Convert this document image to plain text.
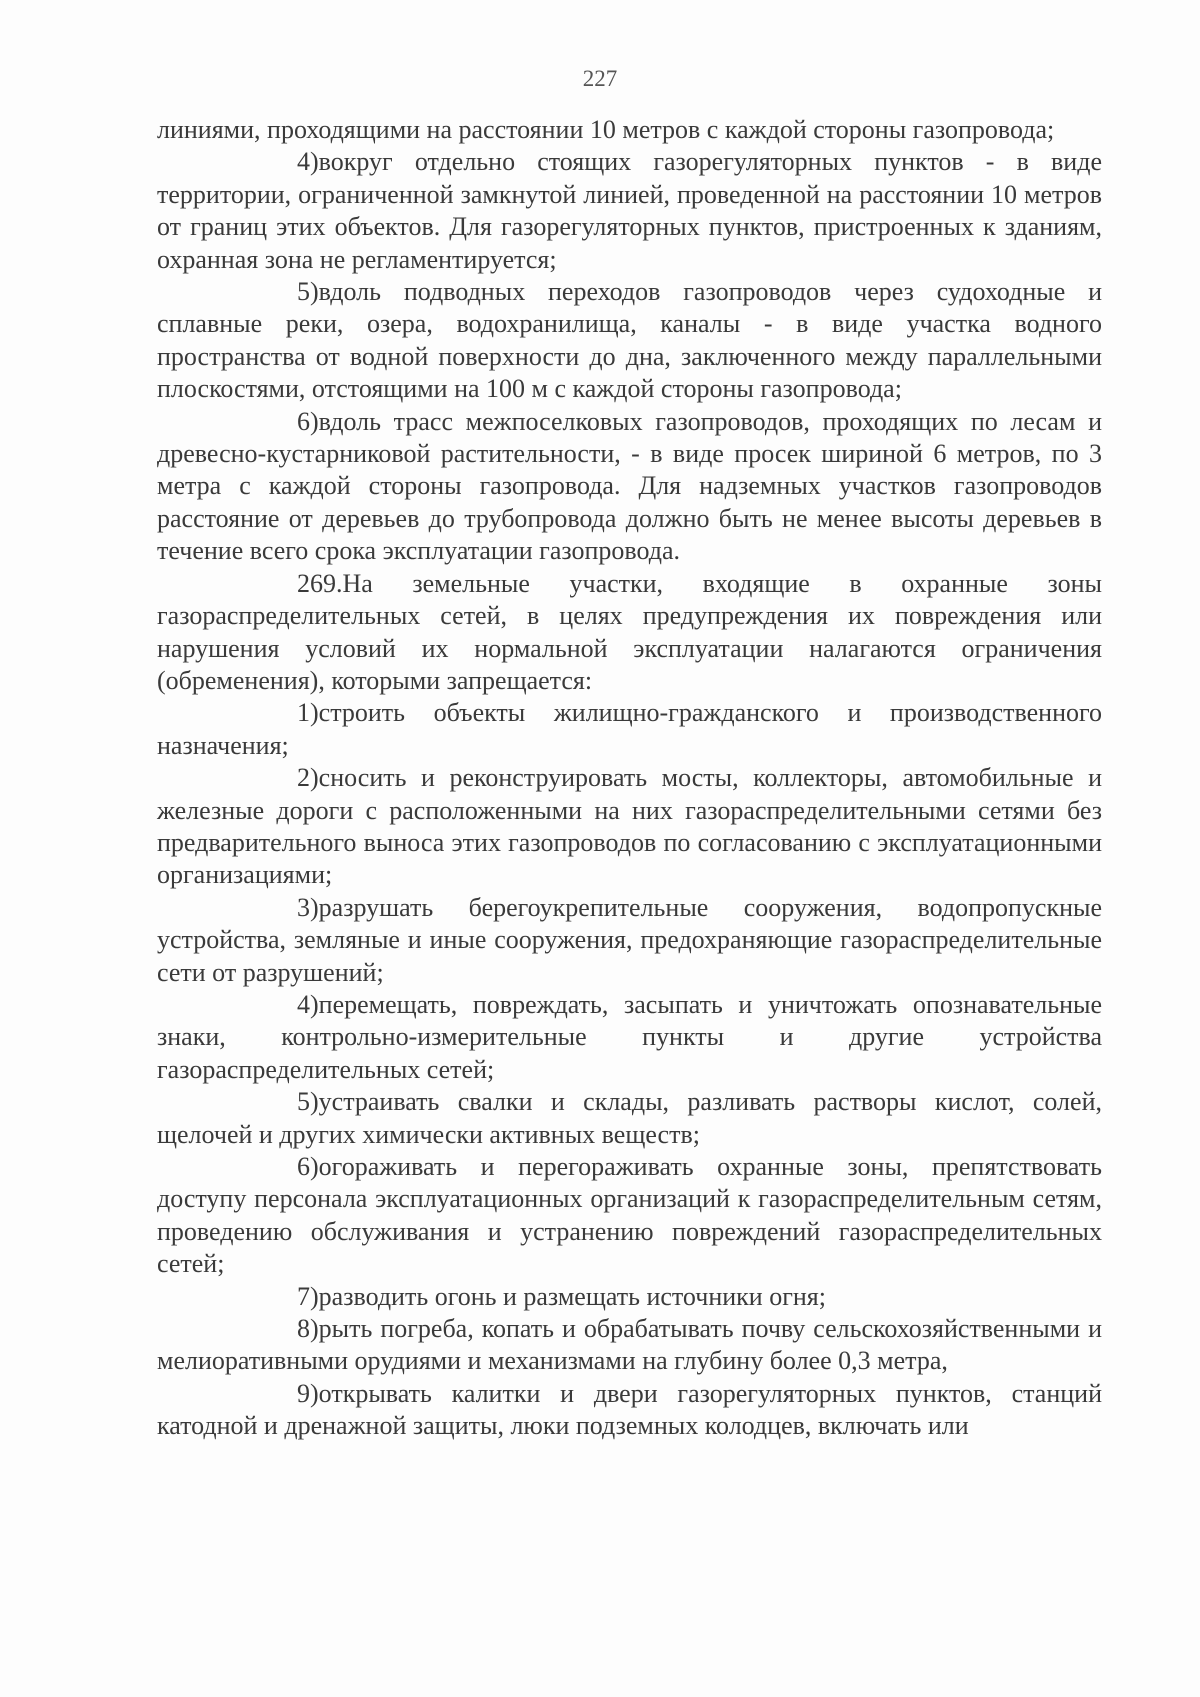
227

линиями, проходящими на расстоянии 10 метров с каждой стороны газопровода;

4)вокруг отдельно стоящих газорегуляторных пунктов - в виде территории, ограниченной замкнутой линией, проведенной на расстоянии 10 метров от границ этих объектов. Для газорегуляторных пунктов, пристроенных к зданиям, охранная зона не регламентируется;

5)вдоль подводных переходов газопроводов через судоходные и сплавные реки, озера, водохранилища, каналы - в виде участка водного пространства от водной поверхности до дна, заключенного между параллельными плоскостями, отстоящими на 100 м с каждой стороны газопровода;

6)вдоль трасс межпоселковых газопроводов, проходящих по лесам и древесно-кустарниковой растительности, - в виде просек шириной 6 метров, по 3 метра с каждой стороны газопровода. Для надземных участков газопроводов расстояние от деревьев до трубопровода должно быть не менее высоты деревьев в течение всего срока эксплуатации газопровода.

269.На земельные участки, входящие в охранные зоны газораспределительных сетей, в целях предупреждения их повреждения или нарушения условий их нормальной эксплуатации налагаются ограничения (обременения), которыми запрещается:

1)строить объекты жилищно-гражданского и производственного назначения;

2)сносить и реконструировать мосты, коллекторы, автомобильные и железные дороги с расположенными на них газораспределительными сетями без предварительного выноса этих газопроводов по согласованию с эксплуатационными организациями;

3)разрушать берегоукрепительные сооружения, водопропускные устройства, земляные и иные сооружения, предохраняющие газораспределительные сети от разрушений;

4)перемещать, повреждать, засыпать и уничтожать опознавательные знаки, контрольно-измерительные пункты и другие устройства газораспределительных сетей;

5)устраивать свалки и склады, разливать растворы кислот, солей, щелочей и других химически активных веществ;

6)огораживать и перегораживать охранные зоны, препятствовать доступу персонала эксплуатационных организаций к газораспределительным сетям, проведению обслуживания и устранению повреждений газораспределительных сетей;

7)разводить огонь и размещать источники огня;

8)рыть погреба, копать и обрабатывать почву сельскохозяйственными и мелиоративными орудиями и механизмами на глубину более 0,3 метра,

9)открывать калитки и двери газорегуляторных пунктов, станций катодной и дренажной защиты, люки подземных колодцев, включать или
